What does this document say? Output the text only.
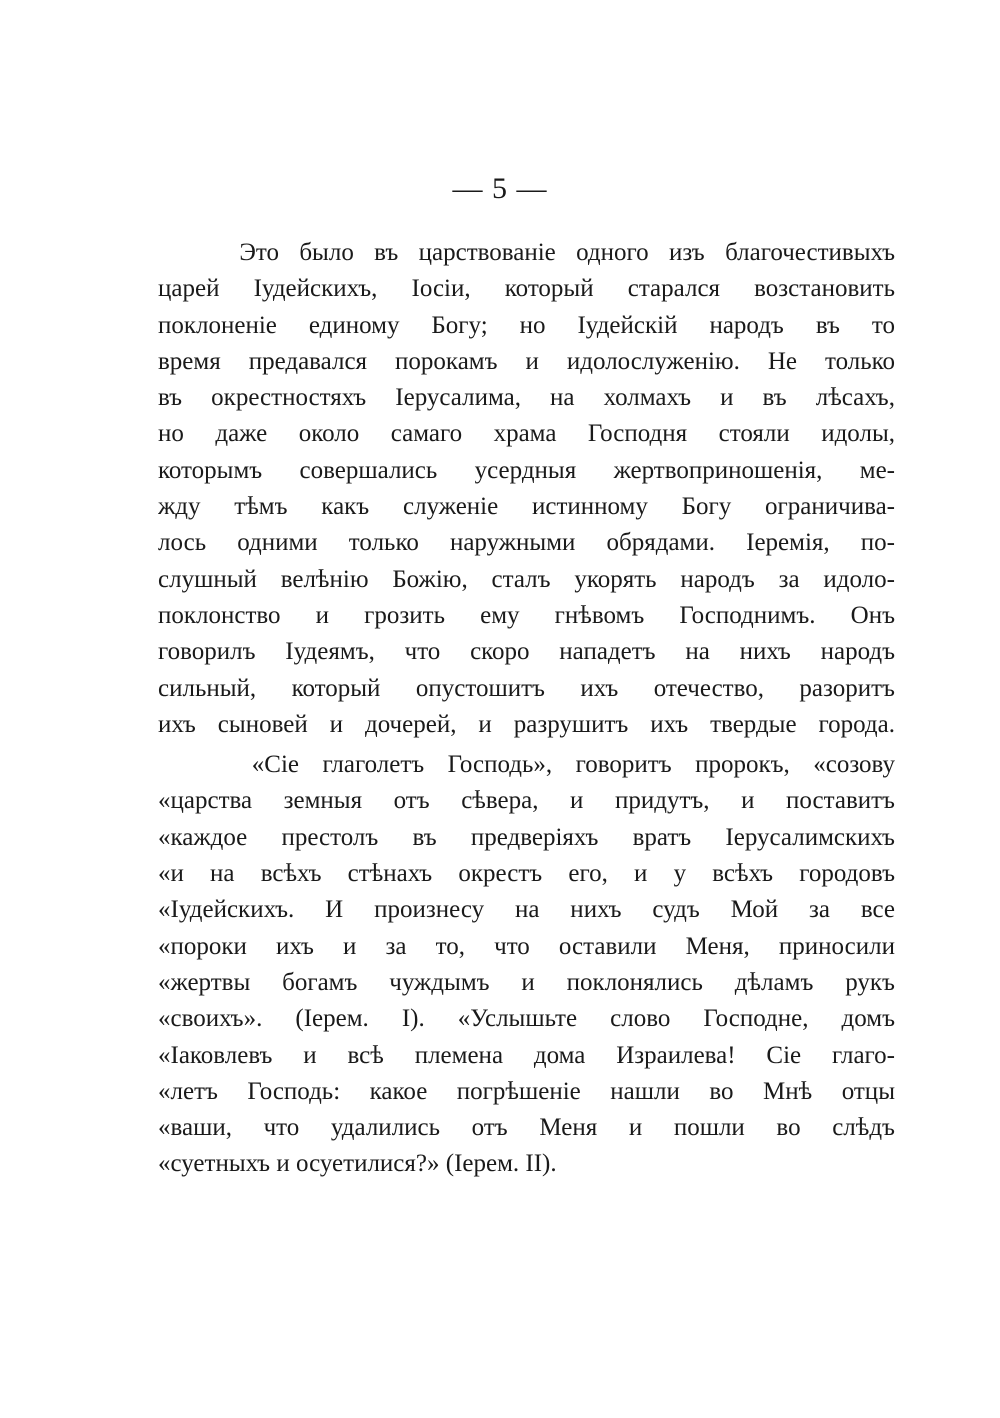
— 5 —
Это было въ царствованіе одного изъ благочестивыхъ
царей Іудейскихъ, Іосіи, который старался возстановить
поклоненіе единому Богу; но Іудейскій народъ въ то
время предавался порокамъ и идолослуженію. Не только
въ окрестностяхъ Іерусалима, на холмахъ и въ лѣсахъ,
но даже около самаго храма Господня стояли идолы,
которымъ совершались усердныя жертвоприношенія, ме-
жду тѣмъ какъ служеніе истинному Богу ограничива-
лось одними только наружными обрядами. Іеремія, по-
слушный велѣнію Божію, сталъ укорять народъ за идоло-
поклонство и грозить ему гнѣвомъ Господнимъ. Онъ
говорилъ Іудеямъ, что скоро нападетъ на нихъ народъ
сильный, который опустошитъ ихъ отечество, разоритъ
ихъ сыновей и дочерей, и разрушитъ ихъ твердые города.
«Сіе глаголетъ Господь», говоритъ пророкъ, «созову
«царства земныя отъ сѣвера, и придутъ, и поставитъ
«каждое престолъ въ предверіяхъ вратъ Іерусалимскихъ
«и на всѣхъ стѣнахъ окрестъ его, и у всѣхъ городовъ
«Іудейскихъ. И произнесу на нихъ судъ Мой за все
«пороки ихъ и за то, что оставили Меня, приносили
«жертвы богамъ чуждымъ и поклонялись дѣламъ рукъ
«своихъ». (Іерем. I). «Услышьте слово Господне, домъ
«Іаковлевъ и всѣ племена дома Израилева! Сіе глаго-
«летъ Господь: какое погрѣшеніе нашли во Мнѣ отцы
«ваши, что удалились отъ Меня и пошли во слѣдъ
«суетныхъ и осуетилися?» (Іерем. II).
